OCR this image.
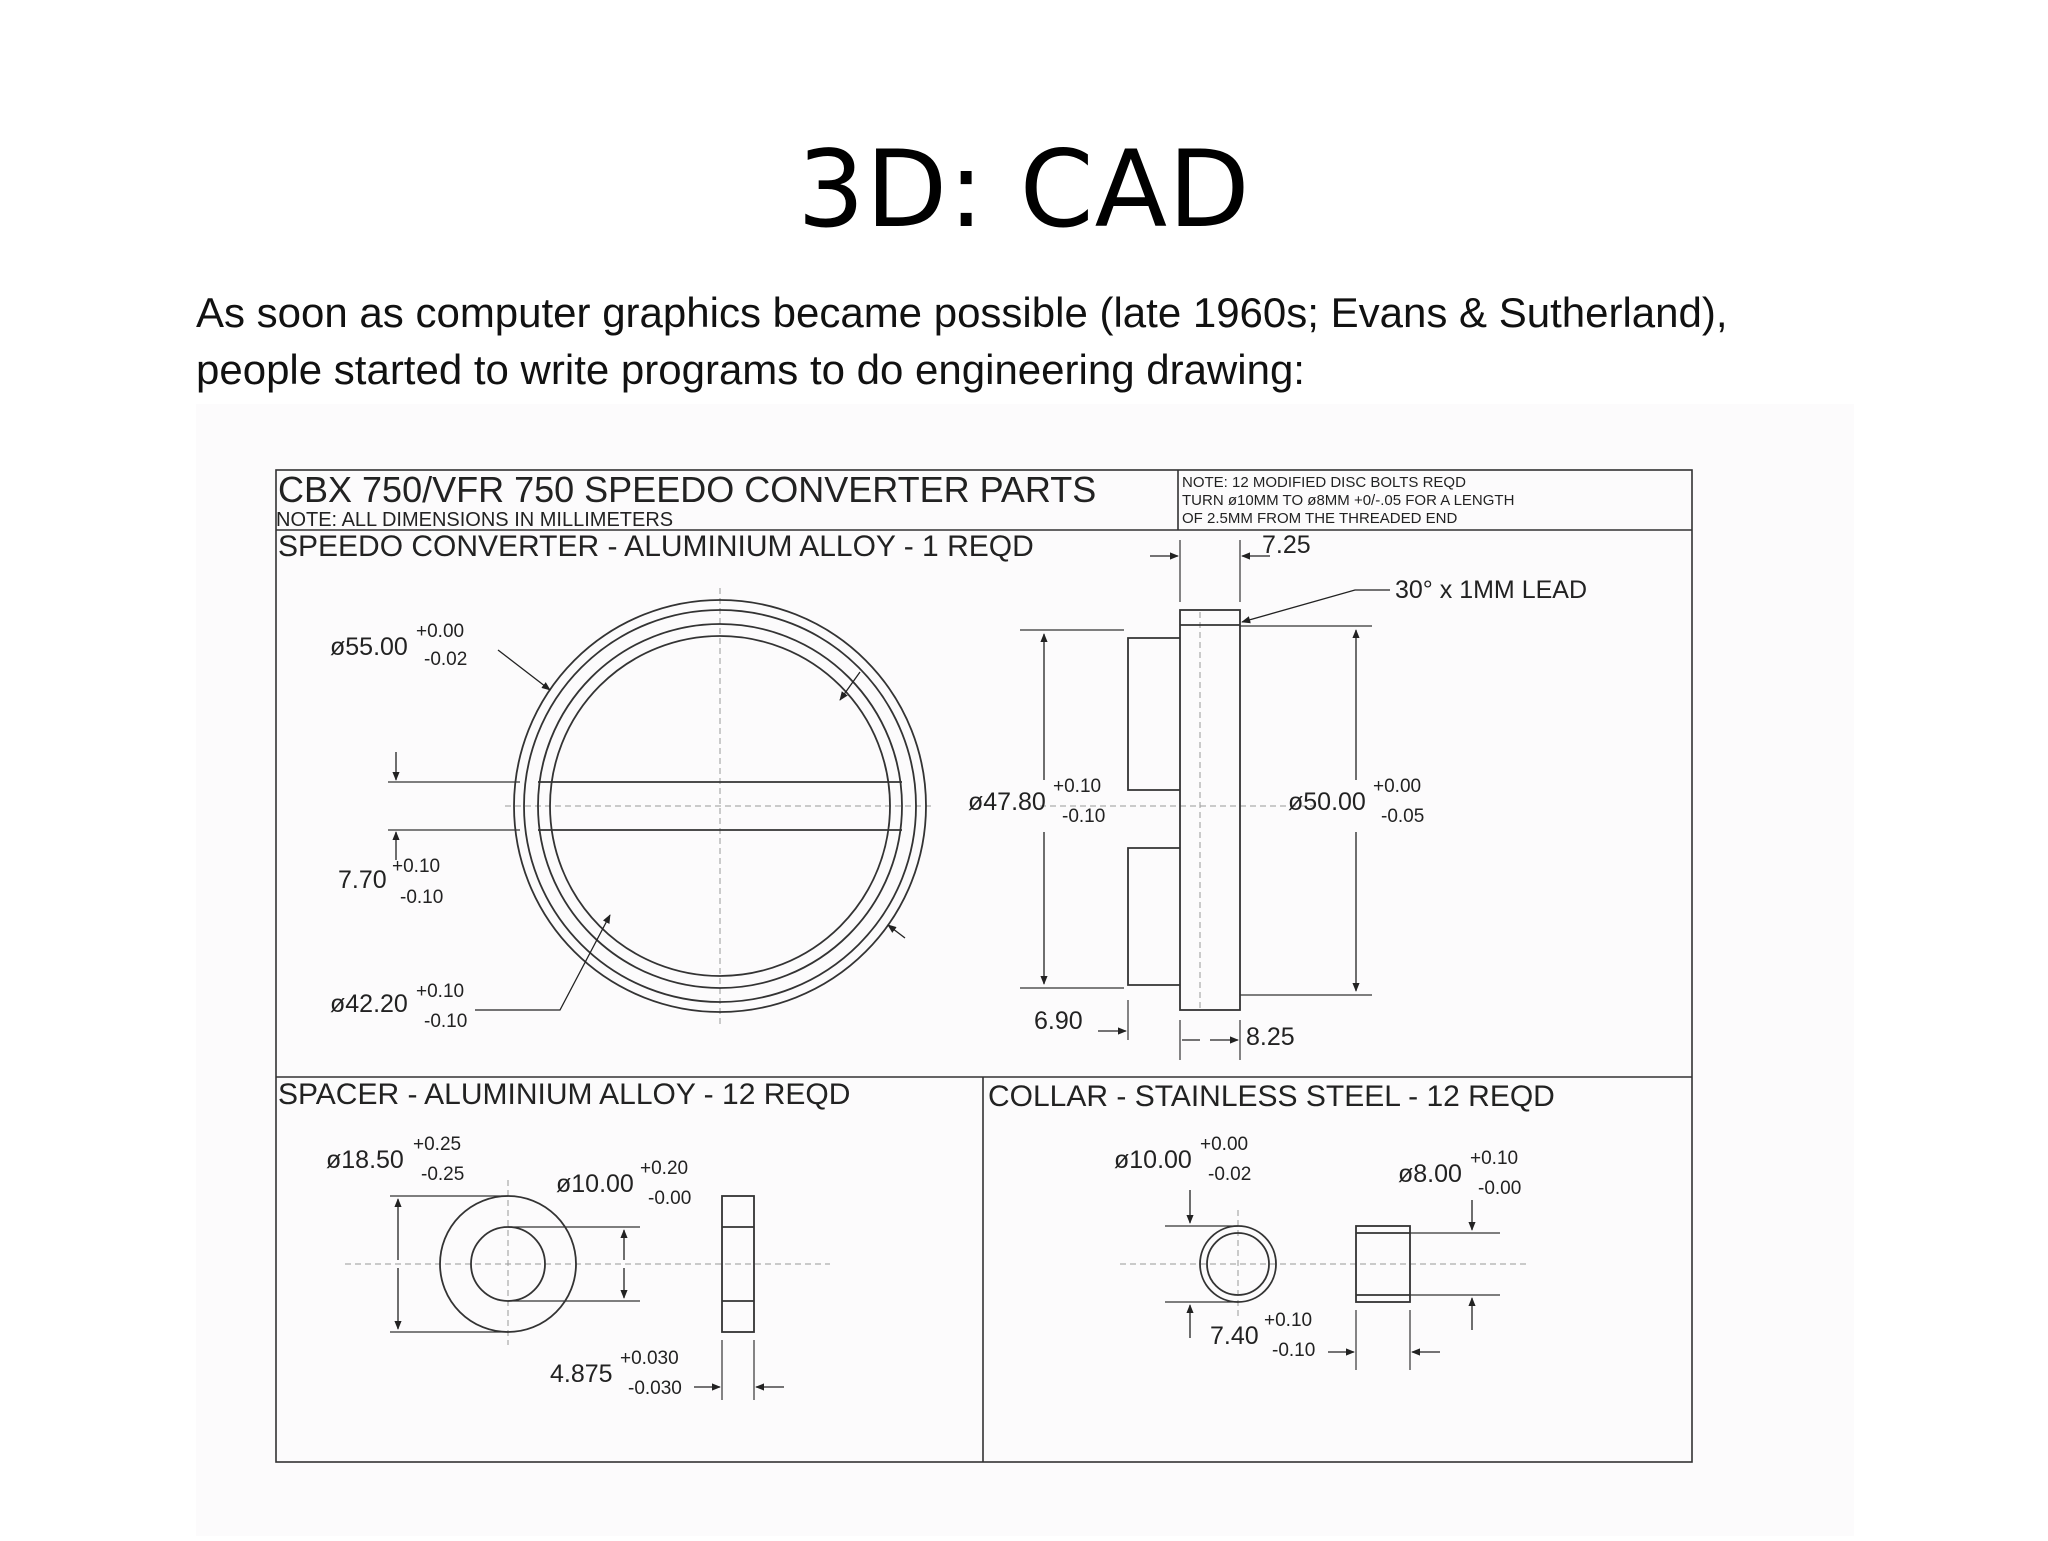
3D: CAD
As soon as computer graphics became possible (late 1960s; Evans & Sutherland),
people started to write programs to do engineering drawing:
CBX 750/VFR 750 SPEEDO CONVERTER PARTS
NOTE: ALL DIMENSIONS IN MILLIMETERS
NOTE: 12 MODIFIED DISC BOLTS REQD
TURN ø10MM TO ø8MM +0/-.05 FOR A LENGTH
OF 2.5MM FROM THE THREADED END
SPEEDO CONVERTER - ALUMINIUM ALLOY - 1 REQD
ø55.00
+0.00
-0.02
7.70 +0.10
-0.10
ø42.20 +0.10
-0.10
7.25
30° x 1MM LEAD
ø47.80
+0.10
-0.10
ø50.00
+0.00
-0.05
6.90
8.25
SPACER - ALUMINIUM ALLOY - 12 REQD
ø18.50
+0.25
-0.25	ø10.00
+0.20
-0.00
4.875
+0.030
-0.030
COLLAR - STAINLESS STEEL - 12 REQD
ø10.00
+0.00
-0.02	ø8.00
+0.10
-0.00
7.40
+0.10
-0.10
